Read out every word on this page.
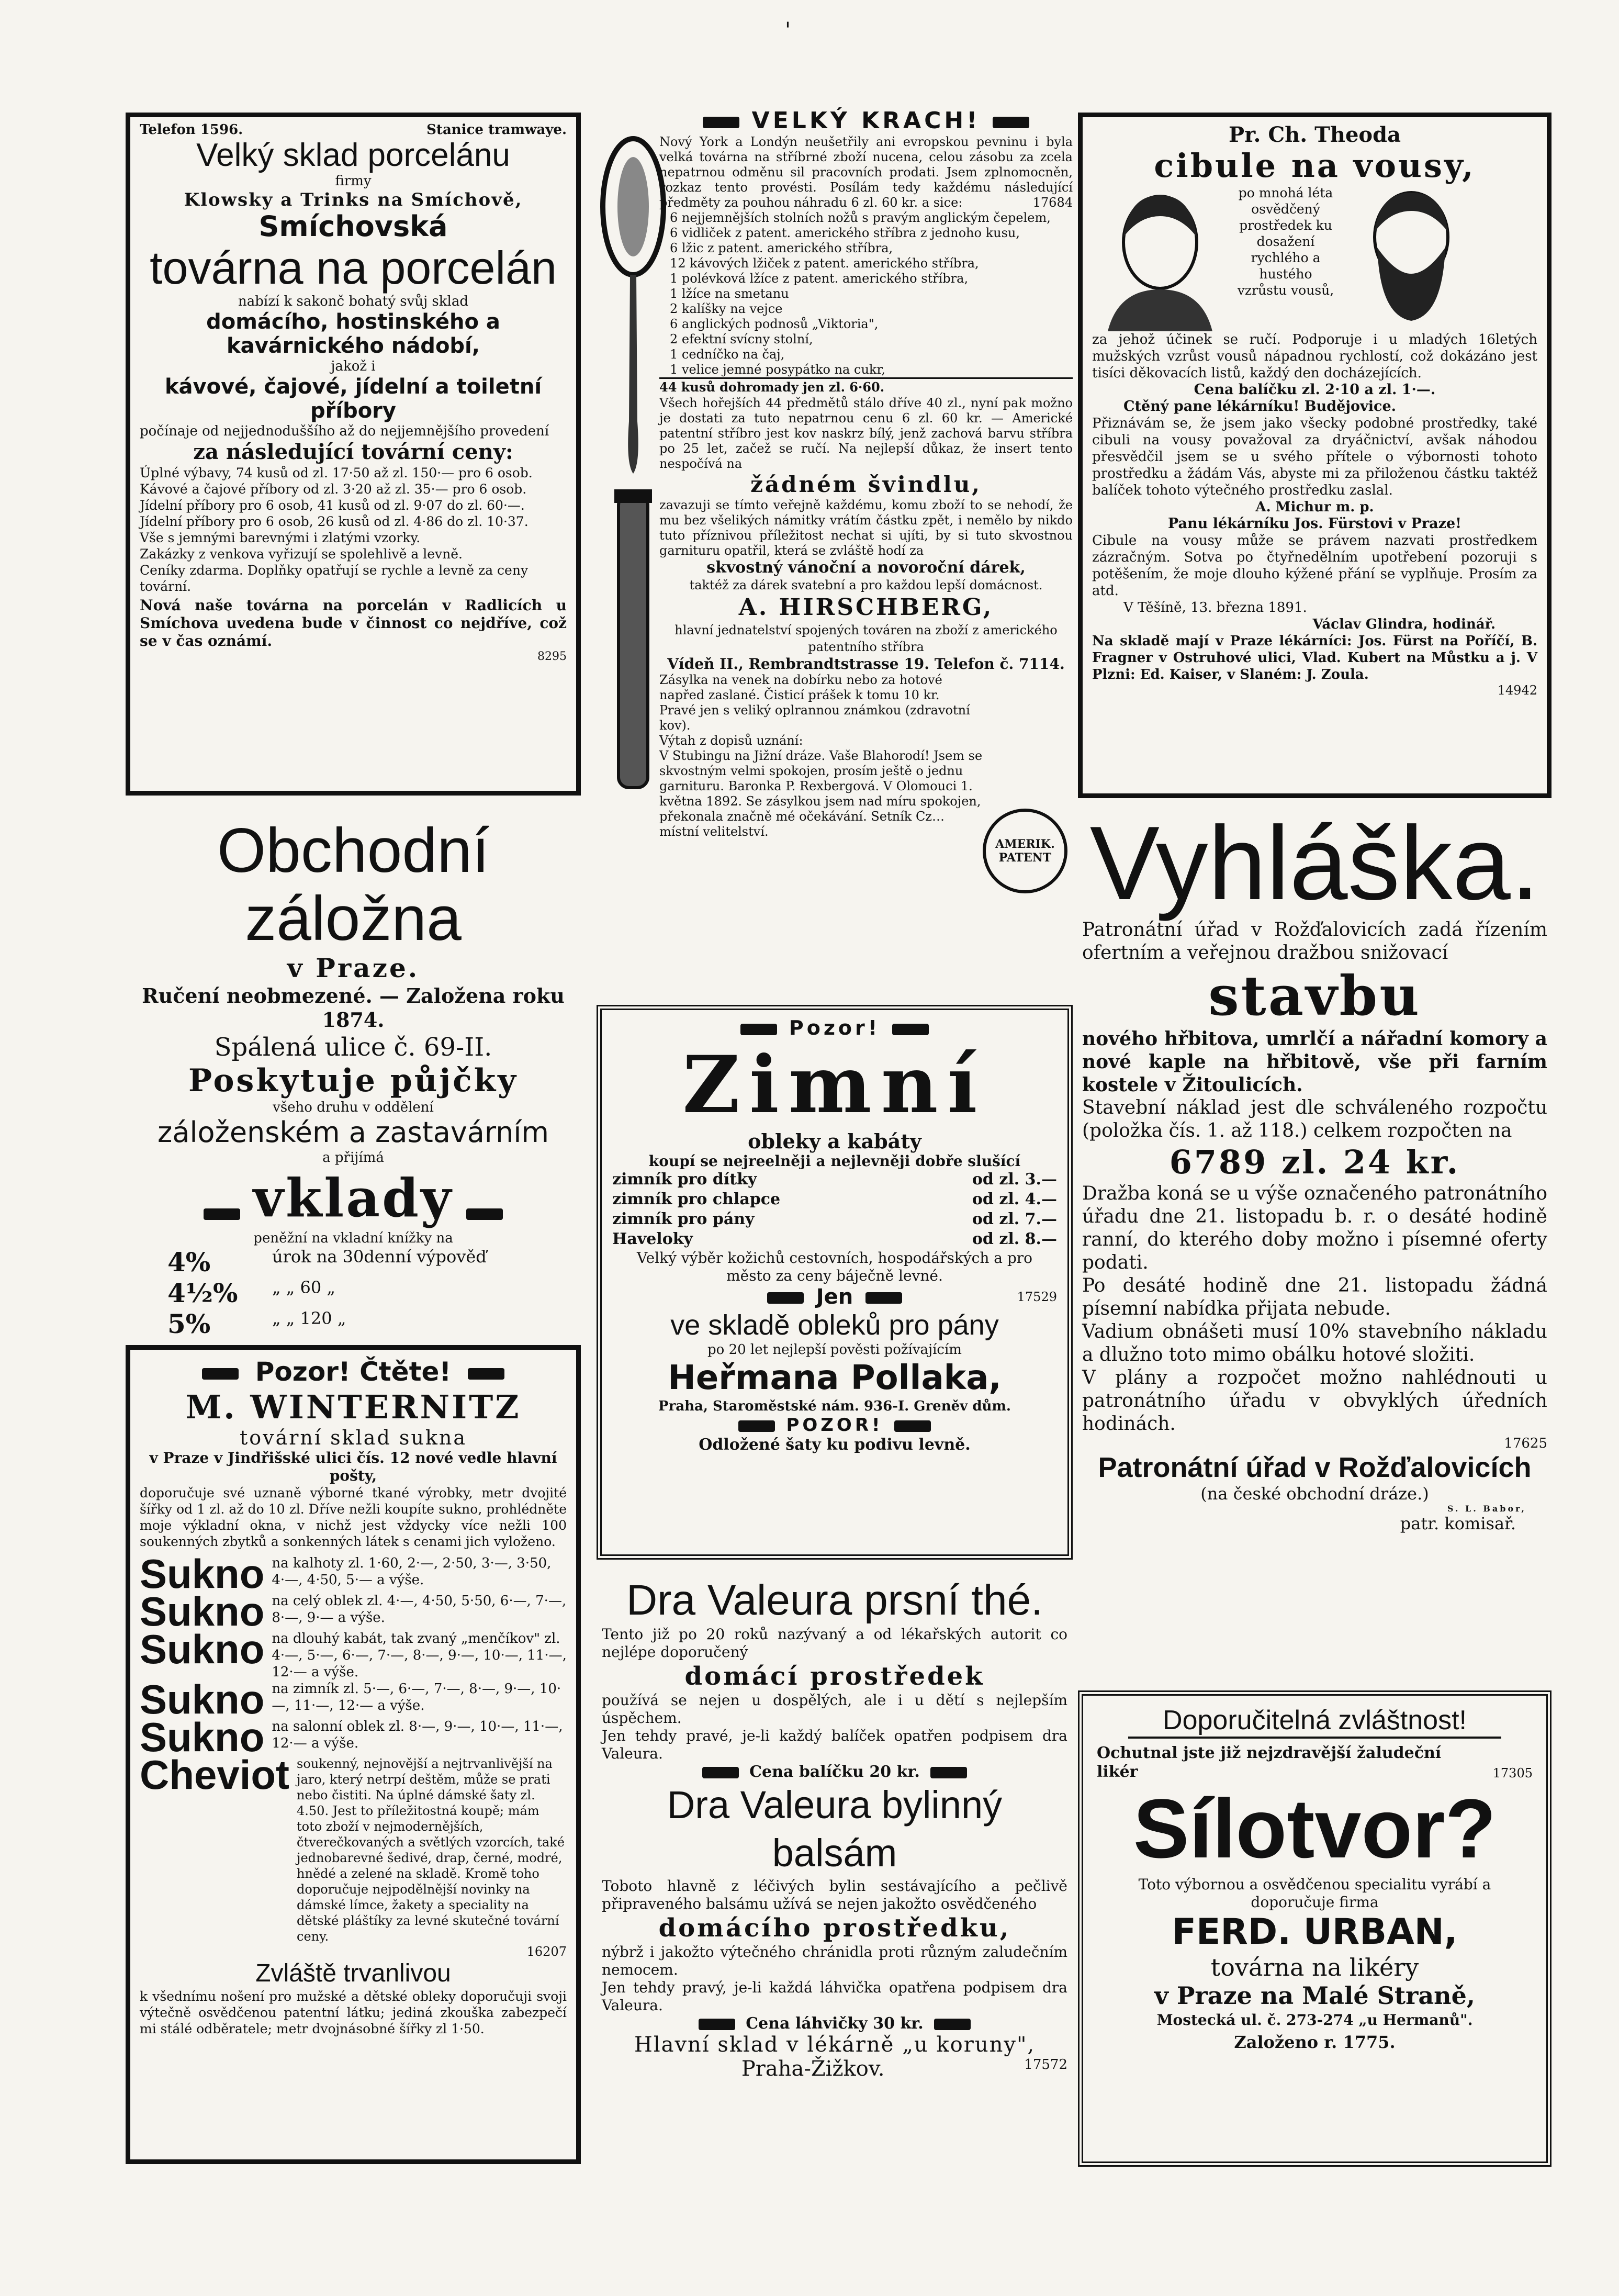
'
Telefon 1596.	Stanice tramwaye.
Velký sklad porcelánu
firmy
Klowsky a Trinks na Smíchově,
Smíchovská
továrna na porcelán
nabízí k sakonč bohatý svůj sklad
domácího, hostinského a kavárnického nádobí,
jakož i
kávové, čajové, jídelní a toiletní příbory
počínaje od nejjednoduššího až do nejjemnějšího provedení
za následující tovární ceny:

Úplné výbavy, 74 kusů od zl. 17·50 až zl. 150·— pro 6 osob.

Kávové a čajové příbory od zl. 3·20 až zl. 35·— pro 6 osob.

Jídelní příbory pro 6 osob, 41 kusů od zl. 9·07 do zl. 60·—.

Jídelní příbory pro 6 osob, 26 kusů od zl. 4·86 do zl. 10·37.

Vše s jemnými barevnými i zlatými vzorky.

Zakázky z venkova vyřizují se spolehlivě a levně.

Ceníky zdarma. Doplňky opatřují se rychle a levně za ceny tovární.

Nová naše továrna na porcelán v Radlicích u Smíchova uvedena bude v činnost co nejdříve, což se v čas oznámí.
8295
Obchodní záložna
v Praze.
Ručení neobmezené. — Založena roku 1874.
Spálená ulice č. 69-II.
Poskytuje půjčky
všeho druhu v oddělení
záloženském a zastavárním
a přijímá
vklady
peněžní na vkladní knížky na
4%	úrok na 30denní výpověď
4½%	„ „ 60 „
5%	„ „ 120 „
Pozor! Čtěte!
M. WINTERNITZ
tovární sklad sukna
v Praze v Jindřišské ulici čís. 12 nové vedle hlavní pošty,
doporučuje své uznaně výborné tkané výrobky, metr dvojité šířky od 1 zl. až do 10 zl. Dříve nežli koupíte sukno, prohlédněte moje výkladní okna, v nichž jest vždycky více nežli 100 soukenných zbytků a sonkenných látek s cenami jich vyloženo.
Sukno na kalhoty zl. 1·60, 2·—, 2·50, 3·—, 3·50, 4·—, 4·50, 5·— a výše.
Sukno na celý oblek zl. 4·—, 4·50, 5·50, 6·—, 7·—, 8·—, 9·— a výše.
Sukno na dlouhý kabát, tak zvaný „menčíkov" zl. 4·—, 5·—, 6·—, 7·—, 8·—, 9·—, 10·—, 11·—, 12·— a výše.
Sukno na zimník zl. 5·—, 6·—, 7·—, 8·—, 9·—, 10·—, 11·—, 12·— a výše.
Sukno na salonní oblek zl. 8·—, 9·—, 10·—, 11·—, 12·— a výše.
Cheviot soukenný, nejnovější a nejtrvanlivější na jaro, který netrpí deštěm, může se prati nebo čistiti. Na úplné dámské šaty zl. 4.50. Jest to příležitostná koupě; mám toto zboží v nejmodernějších, čtverečkovaných a světlých vzorcích, také jednobarevné šedivé, drap, černé, modré, hnědé a zelené na skladě. Kromě toho doporučuje nejpodělnější novinky na dámské límce, žakety a speciality na dětské pláštíky za levné skutečné tovární ceny.
16207
Zvláště trvanlivou
k všednímu nošení pro mužské a dětské obleky doporučuji svoji výtečně osvědčenou patentní látku; jediná zkouška zabezpečí mi stálé odběratele; metr dvojnásobné šířky zl 1·50.
VELKÝ KRACH!
Nový York a Londýn neušetřily ani evropskou pevninu i byla velká továrna na stříbrné zboží nucena, celou zásobu za zcela nepatrnou odměnu sil pracovních prodati. Jsem zplnomocněn, rozkaz tento provésti. Posílám tedy každému následující předměty za pouhou náhradu 6 zl. 60 kr. a sice:	17684

6 nejjemnějších stolních nožů s pravým anglickým čepelem,

6 vidliček z patent. amerického stříbra z jednoho kusu,

6 lžic z patent. amerického stříbra,

12 kávových lžiček z patent. amerického stříbra,

1 polévková lžíce z patent. amerického stříbra,

1 lžíce na smetanu

2 kalíšky na vejce

6 anglických podnosů „Viktoria",

2 efektní svícny stolní,

1 cedníčko na čaj,

1 velice jemné posypátko na cukr,

44 kusů dohromady jen zl. 6·60.
Všech hořejších 44 předmětů stálo dříve 40 zl., nyní pak možno je dostati za tuto nepatrnou cenu 6 zl. 60 kr. — Americké patentní stříbro jest kov naskrz bílý, jenž zachová barvu stříbra po 25 let, začež se ručí. Na nejlepší důkaz, že insert tento nespočívá na
žádném švindlu,
zavazuji se tímto veřejně každému, komu zboží to se nehodí, že mu bez všelikých námitky vrátím částku zpět, i nemělo by nikdo tuto příznivou příležitost nechat si ujíti, by si tuto skvostnou garnituru opatřil, která se zvláště hodí za
skvostný vánoční a novoroční dárek,
taktéž za dárek svatební a pro každou lepší domácnost.
A. HIRSCHBERG,
hlavní jednatelství spojených továren na zboží z amerického patentního stříbra
Vídeň II., Rembrandtstrasse 19. Telefon č. 7114.

Zásylka na venek na dobírku nebo za hotové napřed zaslané. Čisticí prášek k tomu 10 kr.

Pravé jen s veliký oplrannou známkou (zdravotní kov).

Výtah z dopisů uznání:

V Stubingu na Jižní dráze. Vaše Blahorodí! Jsem se skvostným velmi spokojen, prosím ještě o jednu garnituru. Baronka P. Rexbergová. V Olomouci 1. května 1892. Se zásylkou jsem nad míru spokojen, překonala značně mé očekávání. Setník Cz… místní velitelství.

AMERIK. PATENT
Pr. Ch. Theoda
cibule na vousy,
po mnohá léta osvědčený prostředek ku dosažení rychlého a hustého vzrůstu vousů,
za jehož účinek se ručí. Podporuje i u mladých 16letých mužských vzrůst vousů nápadnou rychlostí, což dokázáno jest tisíci děkovacích listů, každý den docházejících.
Cena balíčku zl. 2·10 a zl. 1·—.
Ctěný pane lékárníku! Budějovice.
Přiznávám se, že jsem jako všecky podobné prostředky, také cibuli na vousy považoval za dryáčnictví, avšak náhodou přesvědčil jsem se u svého přítele o výbornosti tohoto prostředku a žádám Vás, abyste mi za přiloženou částku taktéž balíček tohoto výtečného prostředku zaslal.
A. Michur m. p.
Panu lékárníku Jos. Fürstovi v Praze!
Cibule na vousy může se právem nazvati prostředkem zázračným. Sotva po čtyřnedělním upotřebení pozoruji s potěšením, že moje dlouho kýžené přání se vyplňuje. Prosím za atd.
V Těšíně, 13. března 1891.
Václav Glindra, hodinář.
Na skladě mají v Praze lékárníci: Jos. Fürst na Poříčí, B. Fragner v Ostruhové ulici, Vlad. Kubert na Můstku a j. V Plzni: Ed. Kaiser, v Slaném: J. Zoula.
14942
Vyhláška.
Patronátní úřad v Rožďalovicích zadá řízením ofertním a veřejnou dražbou snižovací
stavbu
nového hřbitova, umrlčí a nářadní komory a nové kaple na hřbitově, vše při farním kostele v Žitoulicích.
Stavební náklad jest dle schváleného rozpočtu (položka čís. 1. až 118.) celkem rozpočten na
6789 zl. 24 kr.
Dražba koná se u výše označeného patronátního úřadu dne 21. listopadu b. r. o desáté hodině ranní, do kterého doby možno i písemné oferty podati.
Po desáté hodině dne 21. listopadu žádná písemní nabídka přijata nebude.
Vadium obnášeti musí 10% stavebního nákladu a dlužno toto mimo obálku hotové složiti.
V plány a rozpočet možno nahlédnouti u patronátního úřadu v obvyklých úředních hodinách.
17625
Patronátní úřad v Rožďalovicích
(na české obchodní dráze.)
S. L. Babor,
patr. komisař.
Pozor!
Zimní
obleky a kabáty
koupí se nejreelněji a nejlevněji dobře slušící
zimník pro dítky	od zl. 3.—
zimník pro chlapce	od zl. 4.—
zimník pro pány	od zl. 7.—
Haveloky	od zl. 8.—
Velký výběr kožichů cestovních, hospodářských a pro město za ceny báječně levné.
Jen	17529
ve skladě obleků pro pány
po 20 let nejlepší pověsti požívajícím
Heřmana Pollaka,
Praha, Staroměstské nám. 936-I. Greněv dům.
POZOR!
Odložené šaty ku podivu levně.
Dra Valeura prsní thé.
Tento již po 20 roků nazývaný a od lékařských autorit co nejlépe doporučený
domácí prostředek
používá se nejen u dospělých, ale i u dětí s nejlepším úspěchem.
Jen tehdy pravé, je-li každý balíček opatřen podpisem dra Valeura.
Cena balíčku 20 kr.
Dra Valeura bylinný balsám
Toboto hlavně z léčivých bylin sestávajícího a pečlivě připraveného balsámu užívá se nejen jakožto osvědčeného
domácího prostředku,
nýbrž i jakožto výtečného chránidla proti různým zaludečním nemocem.
Jen tehdy pravý, je-li každá láhvička opatřena podpisem dra Valeura.
Cena láhvičky 30 kr.
Hlavní sklad v lékárně „u koruny",
Praha-Žižkov.	17572
Doporučitelná zvláštnost!
Ochutnal jste již nejzdravější žaludeční likér	17305
Sílotvor?
Toto výbornou a osvědčenou specialitu vyrábí a doporučuje firma
FERD. URBAN,
továrna na likéry
v Praze na Malé Straně,
Mostecká ul. č. 273-274 „u Hermanů".
Založeno r. 1775.
